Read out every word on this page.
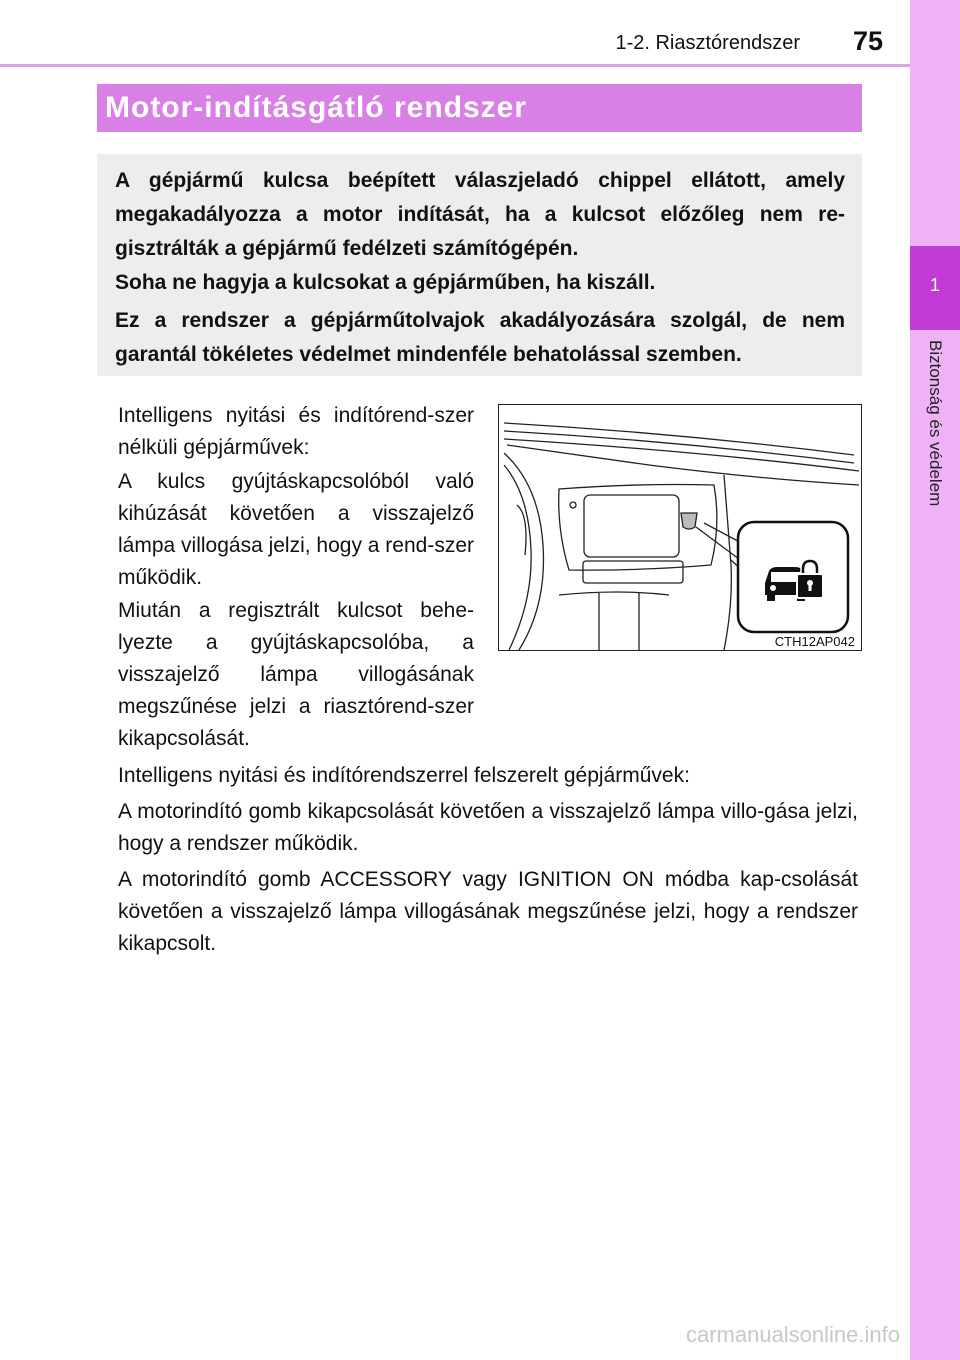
1-2. Riasztórendszer	75
1
Biztonság és védelem
Motor-indításgátló rendszer

A gépjármű kulcsa beépített válaszjeladó chippel ellátott, amely megakadályozza a motor indítását, ha a kulcsot előzőleg nem re-gisztrálták a gépjármű fedélzeti számítógépén.

Soha ne hagyja a kulcsokat a gépjárműben, ha kiszáll.

Ez a rendszer a gépjárműtolvajok akadályozására szolgál, de nem garantál tökéletes védelmet mindenféle behatolással szemben.

Intelligens nyitási és indítórend-szer nélküli gépjárművek:

A kulcs gyújtáskapcsolóból való kihúzását követően a visszajelző lámpa villogása jelzi, hogy a rend-szer működik.

Miután a regisztrált kulcsot behe-lyezte a gyújtáskapcsolóba, a visszajelző lámpa villogásának megszűnése jelzi a riasztórend-szer kikapcsolását.

CTH12AP042

Intelligens nyitási és indítórendszerrel felszerelt gépjárművek:

A motorindító gomb kikapcsolását követően a visszajelző lámpa villo-gása jelzi, hogy a rendszer működik.

A motorindító gomb ACCESSORY vagy IGNITION ON módba kap-csolását követően a visszajelző lámpa villogásának megszűnése jelzi, hogy a rendszer kikapcsolt.

carmanualsonline.info
